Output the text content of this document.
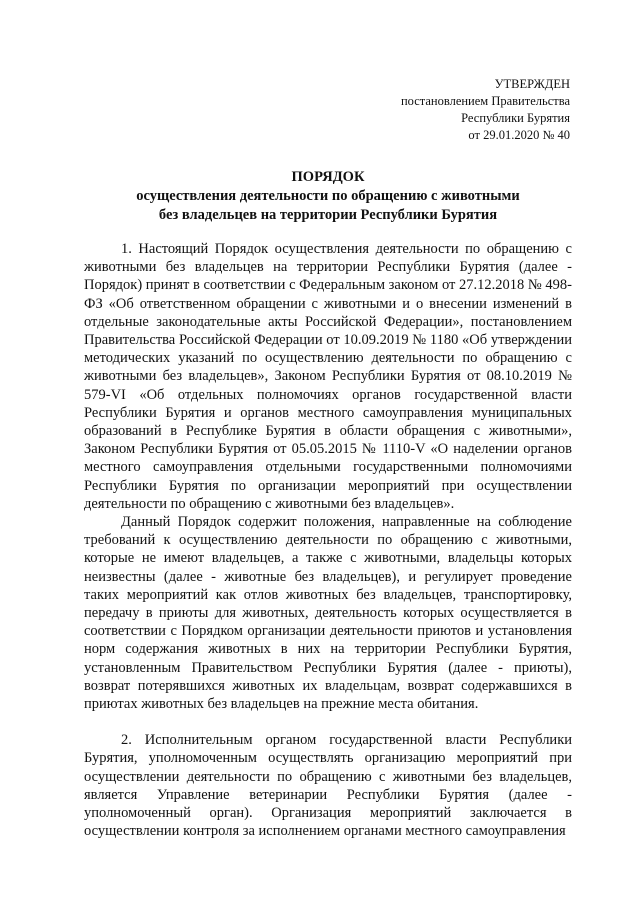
УТВЕРЖДЕН
постановлением Правительства
Республики Бурятия
от 29.01.2020 № 40
ПОРЯДОК
осуществления деятельности по обращению с животными
без владельцев на территории Республики Бурятия

1. Настоящий Порядок осуществления деятельности по обращению с животными без владельцев на территории Республики Бурятия (далее - Порядок) принят в соответствии с Федеральным законом от 27.12.2018 № 498-ФЗ «Об ответственном обращении с животными и о внесении изменений в отдельные законодательные акты Российской Федерации», постановлением Правительства Российской Федерации от 10.09.2019 № 1180 «Об утверждении методических указаний по осуществлению деятельности по обращению с животными без владельцев», Законом Республики Бурятия от 08.10.2019 № 579-VI «Об отдельных полномочиях органов государственной власти Республики Бурятия и органов местного самоуправления муниципальных образований в Республике Бурятия в области обращения с животными», Законом Республики Бурятия от 05.05.2015 № 1110-V «О наделении органов местного самоуправления отдельными государственными полномочиями Республики Бурятия по организации мероприятий при осуществлении деятельности по обращению с животными без владельцев».

Данный Порядок содержит положения, направленные на соблюдение требований к осуществлению деятельности по обращению с животными, которые не имеют владельцев, а также с животными, владельцы которых неизвестны (далее - животные без владельцев), и регулирует проведение таких мероприятий как отлов животных без владельцев, транспортировку, передачу в приюты для животных, деятельность которых осуществляется в соответствии с Порядком организации деятельности приютов и установления норм содержания животных в них на территории Республики Бурятия, установленным Правительством Республики Бурятия (далее - приюты), возврат потерявшихся животных их владельцам, возврат содержавшихся в приютах животных без владельцев на прежние места обитания.

2. Исполнительным органом государственной власти Республики Бурятия, уполномоченным осуществлять организацию мероприятий при осуществлении деятельности по обращению с животными без владельцев, является Управление ветеринарии Республики Бурятия (далее - уполномоченный орган). Организация мероприятий заключается в осуществлении контроля за исполнением органами местного самоуправления
